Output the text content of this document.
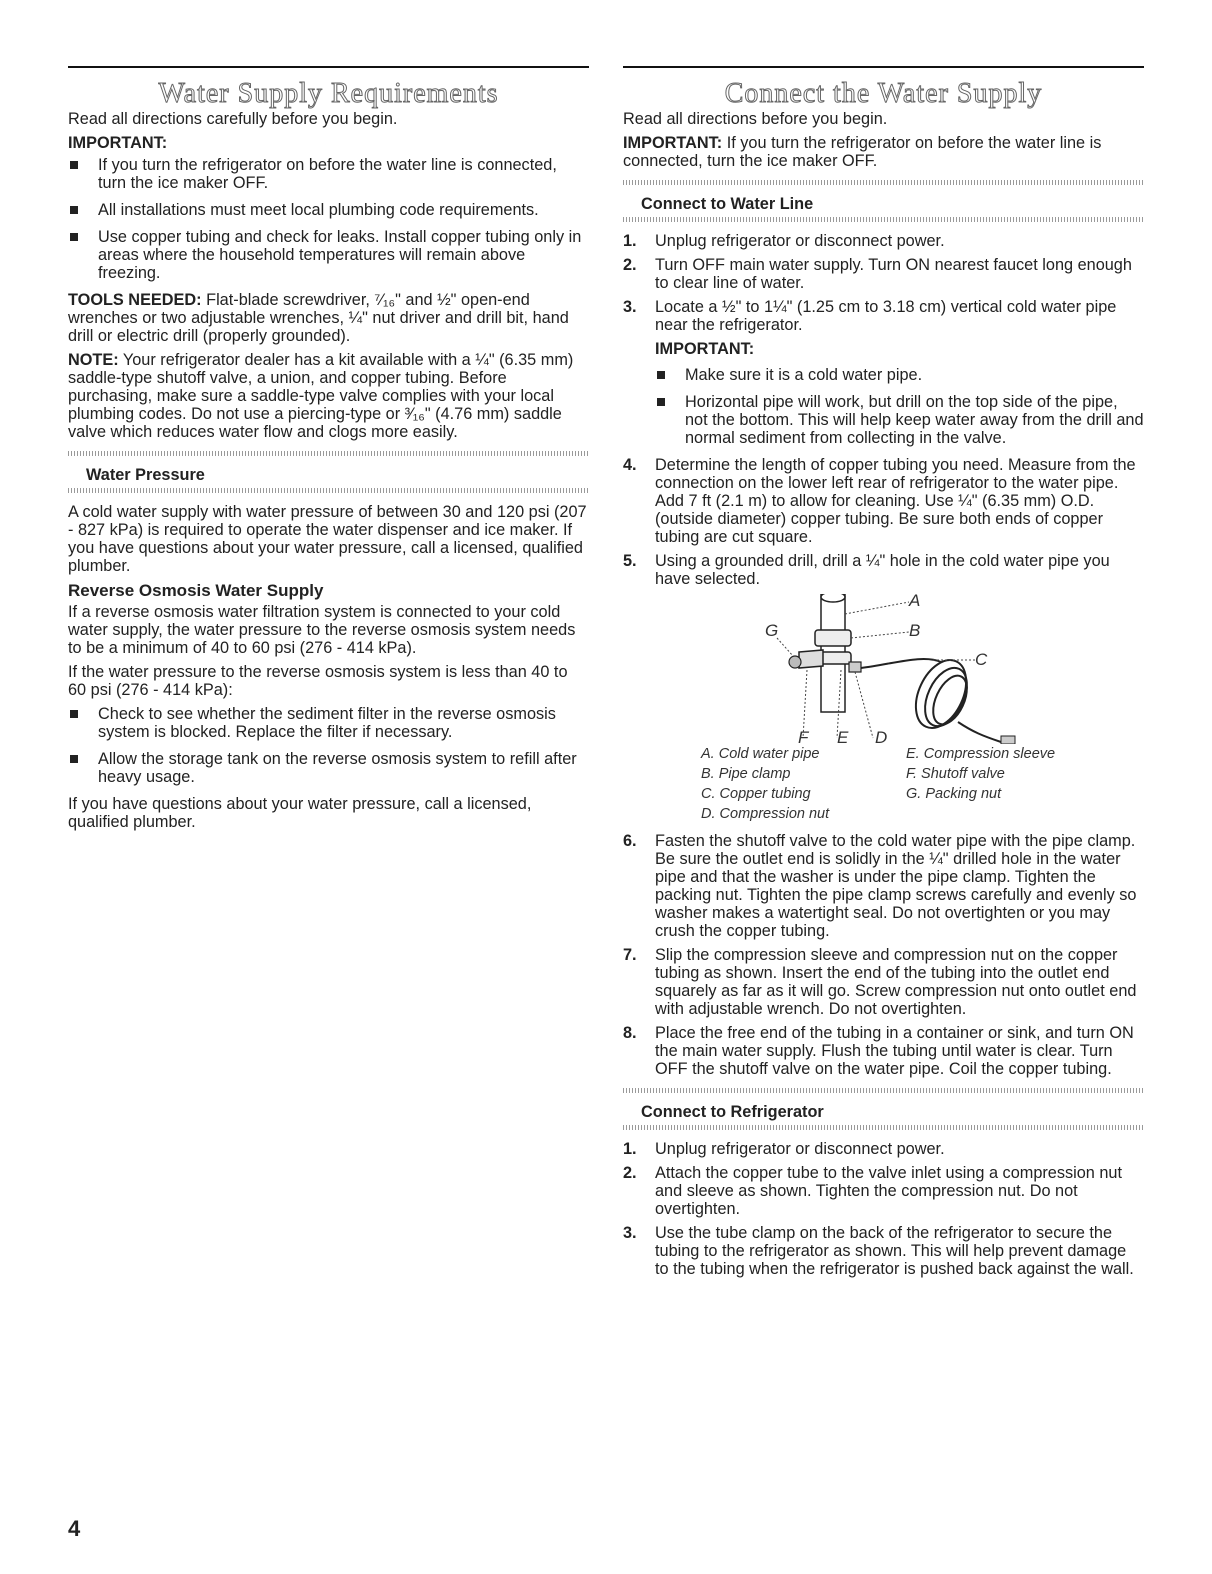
Water Supply Requirements

Read all directions carefully before you begin.

IMPORTANT:
If you turn the refrigerator on before the water line is connected, turn the ice maker OFF.
All installations must meet local plumbing code requirements.
Use copper tubing and check for leaks. Install copper tubing only in areas where the household temperatures will remain above freezing.

TOOLS NEEDED: Flat-blade screwdriver, ⁷⁄₁₆" and ½" open-end wrenches or two adjustable wrenches, ¼" nut driver and drill bit, hand drill or electric drill (properly grounded).

NOTE: Your refrigerator dealer has a kit available with a ¼" (6.35 mm) saddle-type shutoff valve, a union, and copper tubing. Before purchasing, make sure a saddle-type valve complies with your local plumbing codes. Do not use a piercing-type or ³⁄₁₆" (4.76 mm) saddle valve which reduces water flow and clogs more easily.

Water Pressure

A cold water supply with water pressure of between 30 and 120 psi (207 - 827 kPa) is required to operate the water dispenser and ice maker. If you have questions about your water pressure, call a licensed, qualified plumber.

Reverse Osmosis Water Supply

If a reverse osmosis water filtration system is connected to your cold water supply, the water pressure to the reverse osmosis system needs to be a minimum of 40 to 60 psi (276 - 414 kPa).

If the water pressure to the reverse osmosis system is less than 40 to 60 psi (276 - 414 kPa):

Check to see whether the sediment filter in the reverse osmosis system is blocked. Replace the filter if necessary.
Allow the storage tank on the reverse osmosis system to refill after heavy usage.

If you have questions about your water pressure, call a licensed, qualified plumber.

Connect the Water Supply

Read all directions before you begin.

IMPORTANT: If you turn the refrigerator on before the water line is connected, turn the ice maker OFF.

Connect to Water Line
1. Unplug refrigerator or disconnect power.
2. Turn OFF main water supply. Turn ON nearest faucet long enough to clear line of water.
3. Locate a ½" to 1¼" (1.25 cm to 3.18 cm) vertical cold water pipe near the refrigerator.
IMPORTANT:
Make sure it is a cold water pipe.
Horizontal pipe will work, but drill on the top side of the pipe, not the bottom. This will help keep water away from the drill and normal sediment from collecting in the valve.
4. Determine the length of copper tubing you need. Measure from the connection on the lower left rear of refrigerator to the water pipe. Add 7 ft (2.1 m) to allow for cleaning. Use ¼" (6.35 mm) O.D. (outside diameter) copper tubing. Be sure both ends of copper tubing are cut square.
5. Using a grounded drill, drill a ¼" hole in the cold water pipe you have selected.
A
B
C
D
E
F
G
A. Cold water pipe	E. Compression sleeve
B. Pipe clamp	F. Shutoff valve
C. Copper tubing	G. Packing nut
D. Compression nut
6. Fasten the shutoff valve to the cold water pipe with the pipe clamp. Be sure the outlet end is solidly in the ¼" drilled hole in the water pipe and that the washer is under the pipe clamp. Tighten the packing nut. Tighten the pipe clamp screws carefully and evenly so washer makes a watertight seal. Do not overtighten or you may crush the copper tubing.
7. Slip the compression sleeve and compression nut on the copper tubing as shown. Insert the end of the tubing into the outlet end squarely as far as it will go. Screw compression nut onto outlet end with adjustable wrench. Do not overtighten.
8. Place the free end of the tubing in a container or sink, and turn ON the main water supply. Flush the tubing until water is clear. Turn OFF the shutoff valve on the water pipe. Coil the copper tubing.
Connect to Refrigerator
1. Unplug refrigerator or disconnect power.
2. Attach the copper tube to the valve inlet using a compression nut and sleeve as shown. Tighten the compression nut. Do not overtighten.
3. Use the tube clamp on the back of the refrigerator to secure the tubing to the refrigerator as shown. This will help prevent damage to the tubing when the refrigerator is pushed back against the wall.
4
